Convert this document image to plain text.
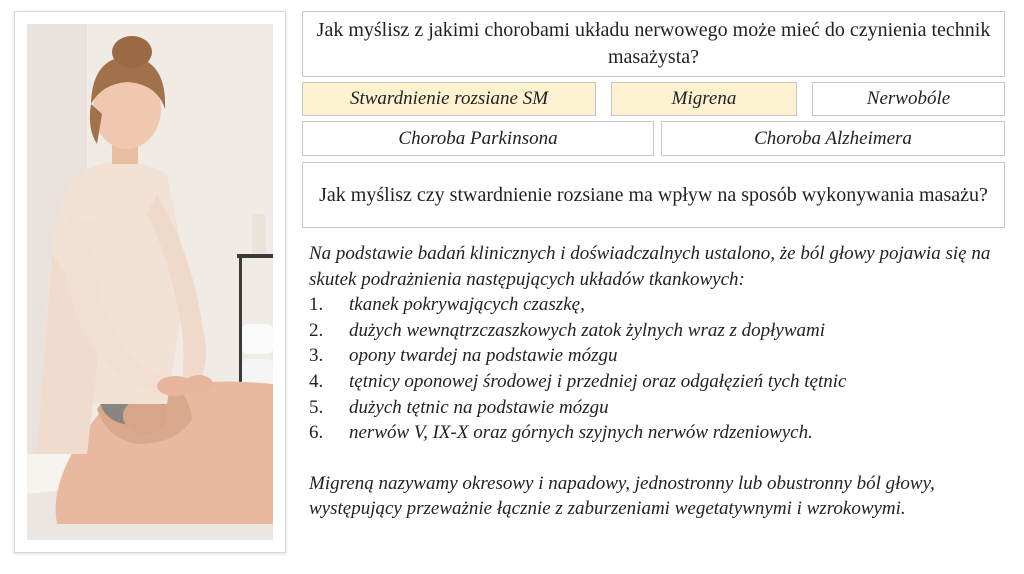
Jak myślisz z jakimi chorobami układu nerwowego może mieć do czynienia technik masażysta?
Stwardnienie rozsiane SM	Migrena	Nerwobóle
Choroba Parkinsona	Choroba Alzheimera
Jak myślisz czy stwardnienie rozsiane ma wpływ na sposób wykonywania masażu?

Na podstawie badań klinicznych i doświadczalnych ustalono, że ból głowy pojawia się na skutek podrażnienia następujących układów tkankowych:

1.	tkanek pokrywających czaszkę,
2.	dużych wewnątrzczaszkowych zatok żylnych wraz z dopływami
3.	opony twardej na podstawie mózgu
4.	tętnicy oponowej środowej i przedniej oraz odgałęzień tych tętnic
5.	dużych tętnic na podstawie mózgu
6.	nerwów V, IX-X oraz górnych szyjnych nerwów rdzeniowych.

Migreną nazywamy okresowy i napadowy, jednostronny lub obustronny ból głowy, występujący przeważnie łącznie z zaburzeniami wegetatywnymi i wzrokowymi.
